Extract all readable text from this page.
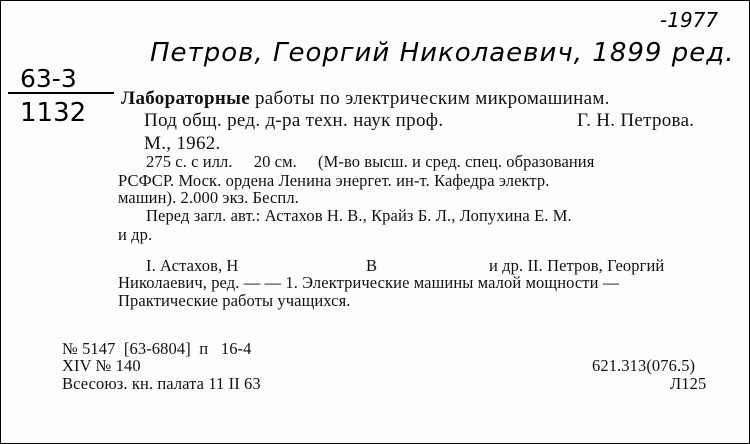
-1977
Петров, Георгий Николаевич, 1899 ред.
63-3
1132 Лабораторные работы по электрическим микромашинам.
Под общ. ред. д-ра техн. наук проф.	Г. Н. Петрова.
М., 1962.
275 с. с илл.     20 см.     (М-во высш. и сред. спец. образования
РСФСР. Моск. ордена Ленина энергет. ин-т. Кафедра электр.
машин). 2.000 экз. Беспл.
Перед загл. авт.: Астахов Н. В., Крайз Б. Л., Лопухина Е. М.
и др.
I. Астахов, Н	В	и др. II. Петров, Георгий
Николаевич, ред. — — 1. Электрические машины малой мощности —
Практические работы учащихся.
№ 5147  [63-6804]  п   16-4
XIV № 140
Всесоюз. кн. палата 11 II 63
621.313(076.5)
Л125
